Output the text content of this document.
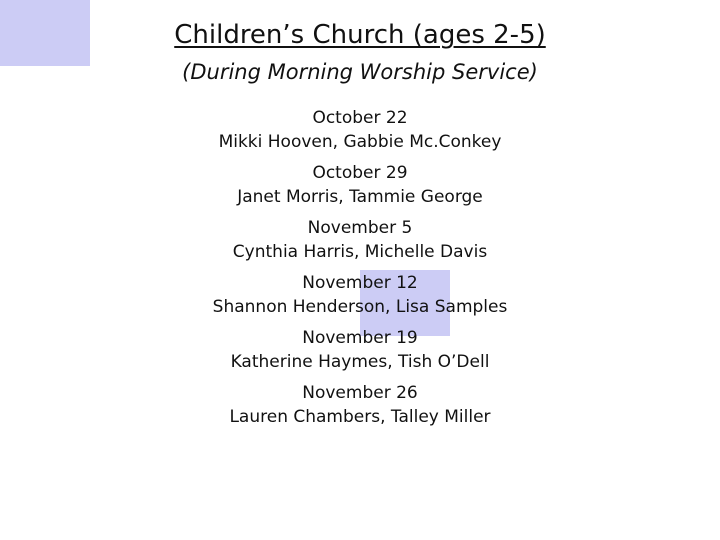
Children’s Church (ages 2-5)
(During Morning Worship Service)
October 22
Mikki Hooven, Gabbie Mc.Conkey
October 29
Janet Morris, Tammie George
November 5
Cynthia Harris, Michelle Davis
November 12
Shannon Henderson, Lisa Samples
November 19
Katherine Haymes, Tish O’Dell
November 26
Lauren Chambers, Talley Miller
